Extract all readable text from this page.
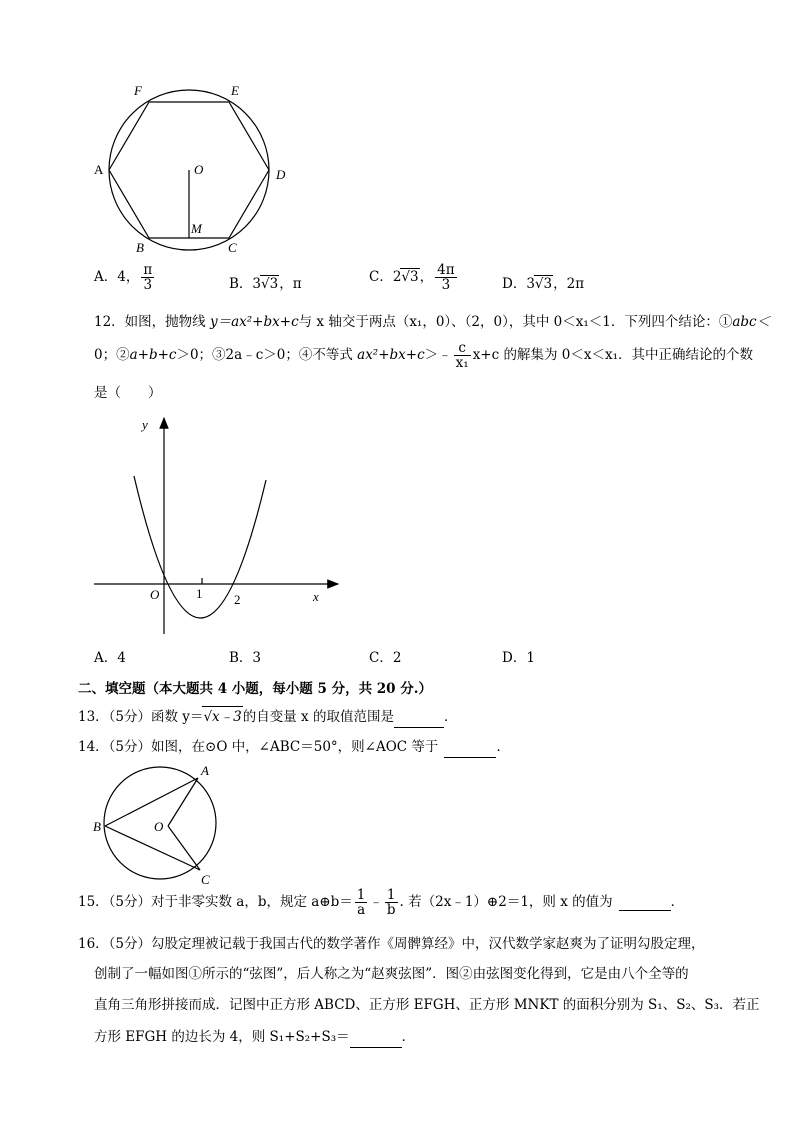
F	E
A	D
O
M
B	C
A．4， $\frac{\pi}{3}$	B．3√3，π	C．2√3， $\frac{4\pi}{3}$	D．3√3，2π
12．如图，抛物线 y＝ax²+bx+c与 x 轴交于两点（x₁，0）、（2，0），其中 0＜x₁＜1．下列四个结论：①abc＜
0；②a+b+c＞0；③2a﹣c＞0；④不等式 ax²+bx+c＞﹣ $\frac{c}{\text{x₁}} x+c$ 的解集为 0＜x＜x₁．其中正确结论的个数
是（　　）
y
x
O	1 2
A．4	B．3	C．2	D．1
二、填空题（本大题共 4 小题，每小题 5 分，共 20 分.）
13．（5分）函数 y＝√x﹣3的自变量 x 的取值范围是	．
14．（5分）如图，在⊙O 中，∠ABC＝50°，则∠AOC 等于	．
A
B	O
C
15．（5分）对于非零实数 a，b，规定 a⊕b＝ $\frac{1}{a}$ ﹣ $\frac{1}{b}$ . 若（2x﹣1）⊕2＝1，则 x 的值为	．
16．（5分）勾股定理被记载于我国古代的数学著作《周髀算经》中，汉代数学家赵爽为了证明勾股定理，
创制了一幅如图①所示的“弦图”，后人称之为“赵爽弦图”．图②由弦图变化得到，它是由八个全等的
直角三角形拼接而成．记图中正方形 ABCD、正方形 EFGH、正方形 MNKT 的面积分别为 S₁、S₂、S₃．若正
方形 EFGH 的边长为 4，则 S₁+S₂+S₃＝	．
